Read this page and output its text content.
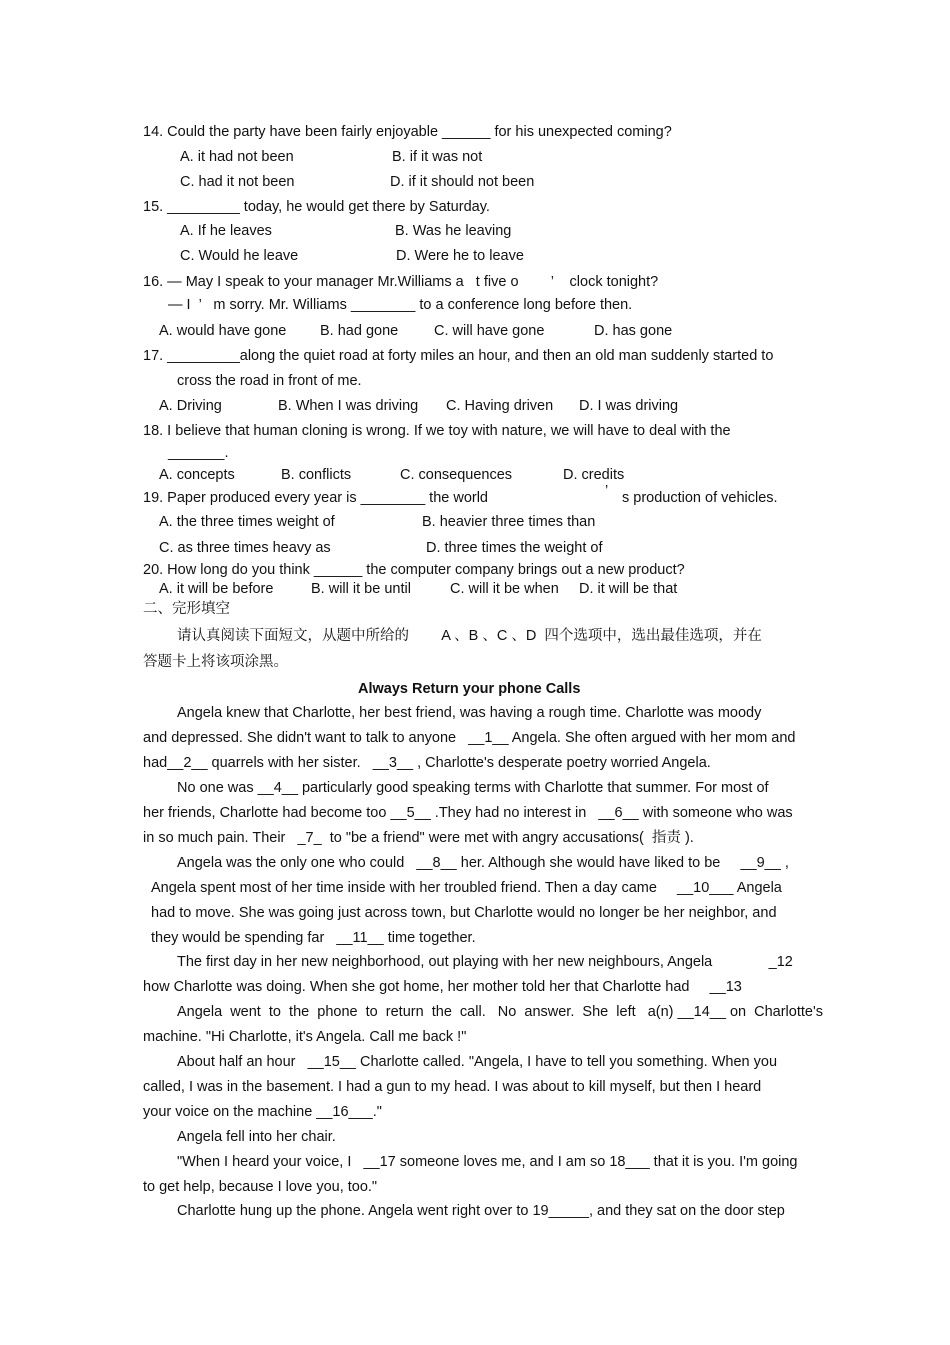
14. Could the party have been fairly enjoyable ______ for his unexpected coming?
A. it had not been	B. if it was not
C. had it not been	D. if it should not been
15. _________ today, he would get there by Saturday.
A. If he leaves	B. Was he leaving
C. Would he leave	D. Were he to leave
16. — May I speak to your manager Mr.Williams a   t five o        ’    clock tonight?
— I  ’   m sorry. Mr. Williams ________ to a conference long before then.
A. would have gone B. had gone C. will have gone	D. has gone
17. _________along the quiet road at forty miles an hour, and then an old man suddenly started to
cross the road in front of me.
A. Driving	B. When I was driving C. Having driven D. I was driving
18. I believe that human cloning is wrong. If we toy with nature, we will have to deal with the
_______.
A. concepts	B. conflicts	C. consequences	D. credits
19. Paper produced every year is ________ the world	’ s production of vehicles.
A. the three times weight of	B. heavier three times than
C. as three times heavy as	D. three times the weight of
20. How long do you think ______ the computer company brings out a new product?
A. it will be before	B. will it be until	C. will it be when D. it will be that
二、完形填空
请认真阅读下面短文，从题中所给的        A 、B 、C 、D  四个选项中，选出最佳选项，并在
答题卡上将该项涂黑。
Always Return your phone Calls
Angela knew that Charlotte, her best friend, was having a rough time. Charlotte was moody
and depressed. She didn't want to talk to anyone   __1__ Angela. She often argued with her mom and
had__2__ quarrels with her sister.   __3__ , Charlotte's desperate poetry worried Angela.
No one was __4__ particularly good speaking terms with Charlotte that summer. For most of
her friends, Charlotte had become too __5__ .They had no interest in   __6__ with someone who was
in so much pain. Their   _7_  to "be a friend" were met with angry accusations(  指责 ).
Angela was the only one who could   __8__ her. Although she would have liked to be     __9__ ,
Angela spent most of her time inside with her troubled friend. Then a day came     __10___ Angela
had to move. She was going just across town, but Charlotte would no longer be her neighbor, and
they would be spending far   __11__ time together.
The first day in her new neighborhood, out playing with her new neighbours, Angela              _12
how Charlotte was doing. When she got home, her mother told her that Charlotte had     __13
Angela  went  to  the  phone  to  return  the  call.   No  answer.  She  left   a(n) __14__ on  Charlotte's
machine. "Hi Charlotte, it's Angela. Call me back !"
About half an hour   __15__ Charlotte called. "Angela, I have to tell you something. When you
called, I was in the basement. I had a gun to my head. I was about to kill myself, but then I heard
your voice on the machine __16___."
Angela fell into her chair.
"When I heard your voice, I   __17 someone loves me, and I am so 18___ that it is you. I'm going
to get help, because I love you, too."
Charlotte hung up the phone. Angela went right over to 19_____, and they sat on the door step
